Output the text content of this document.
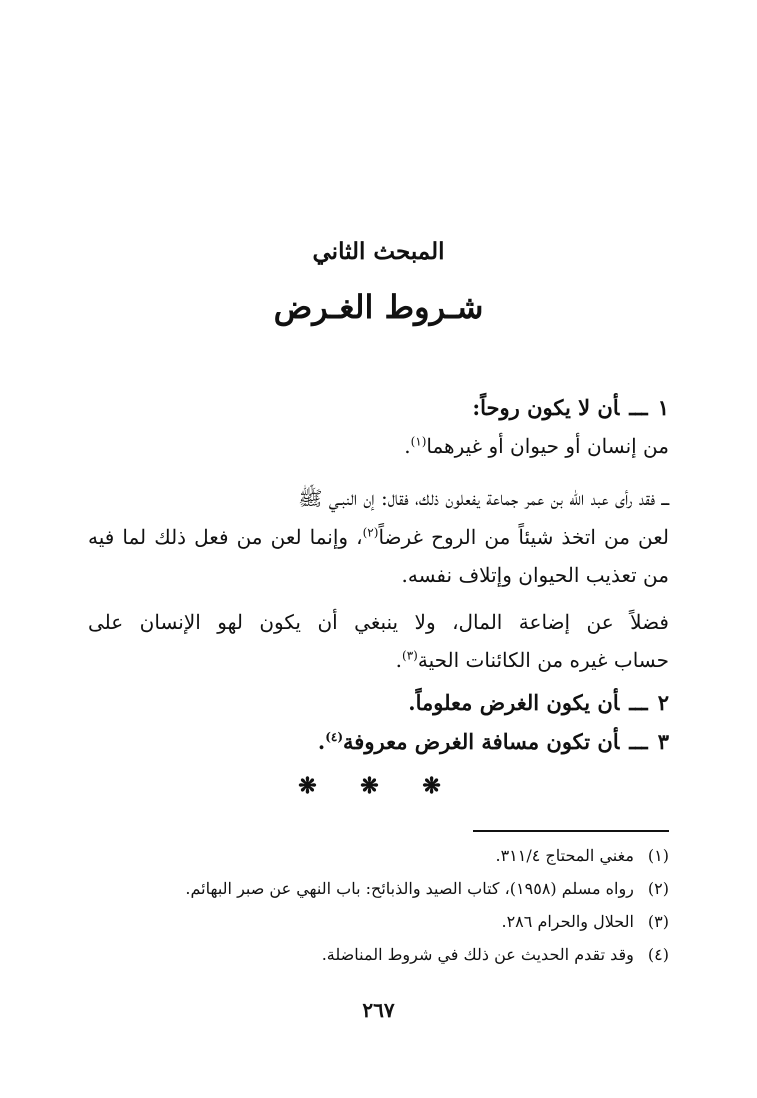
المبحث الثاني
شـروط الغـرض
١ـــأن لا يكون روحاً:
من إنسان أو حيوان أو غيرهما$^{(١)}$.
ـــ فقد رأى عبد الله بن عمر جماعة يفعلون ذلك، فقال: إن النبـي ﷺ
لعن من اتخذ شيئاً من الروح غرضاً$^{(٢)}$، وإنما لعن من فعل ذلك لما فيه
من تعذيب الحيوان وإتلاف نفسه.
فضلاً عن إضاعة المال، ولا ينبغي أن يكون لهو الإنسان على
حساب غيره من الكائنات الحية$^{(٣)}$.
٢ـــأن يكون الغرض معلوماً.
٣ـــأن تكون مسافة الغرض معروفة$^{(٤)}$.
❋ ❋ ❋
(١)مغني المحتاج ٣١١/٤.
(٢)رواه مسلم (١٩٥٨)، كتاب الصيد والذبائح: باب النهي عن صبر البهائم.
(٣)الحلال والحرام ٢٨٦.
(٤)وقد تقدم الحديث عن ذلك في شروط المناضلة.
٢٦٧
